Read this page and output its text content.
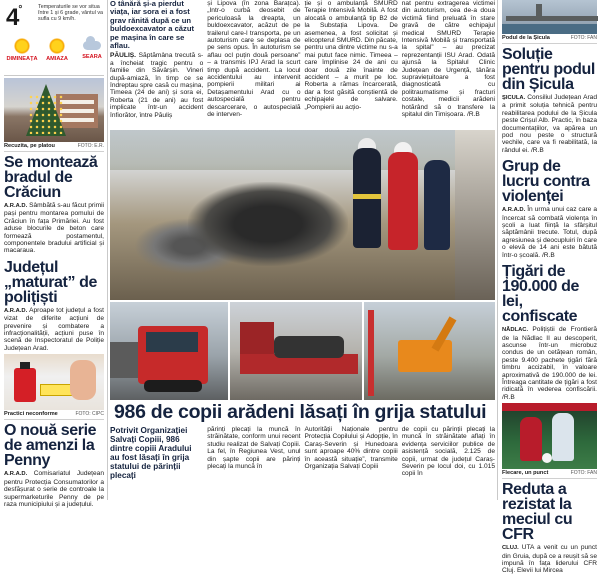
4°	Temperaturile se vor situa între 1 și 6 grade, vântul va sufla cu 9 km/h.
DIMINEAȚA	AMIAZA	SEARA
Recuzita, pe platou	FOTO: E.R.
Se montează bradul de Crăciun
A.R.A.D. Sâmbătă s-au făcut primii pași pentru montarea pomului de Crăciun în fața Primăriei. Au fost aduse blocurile de beton care formează postamentul, componentele bradului artificial și macaraua.
Județul „maturat” de polițiști
A.R.A.D. Aproape tot județul a fost vizat de diferite acțiuni de prevenire și combatere a infracționalității, acțiuni puse în scenă de Inspectoratul de Poliție Județean Arad.
Practici neconforme	FOTO: CIPC
O nouă serie de amenzi la Penny
A.R.A.D. Comisariatul Județean pentru Protecția Consumatorilor a desfășurat o serie de controale la supermarketurile Penny de pe raza municipiului și a județului.
O tânără și-a pierdut viața, iar sora ei a fost grav rănită după ce un buldoexcavator a căzut pe mașina în care se aflau.
PĂULIȘ. Săptămâna trecută s-a încheiat tragic pentru o familie din Săvârșin. Vineri după-amiază, în timp ce se îndreptau spre casă cu mașina, Timeea (24 de ani) și sora ei, Roberta (21 de ani) au fost implicate într-un accident înfiorător, între Păuliș
și Lipova (în zona Barațca). „Intr-o curbă deosebit de periculoasă la dreapta, un buldoexcavator, acăzut de pe trailerul care-l transporta, pe un autoturism care se deplasa de pe sens opus. În autoturism se aflau ocl puțin două persoane” – a transmis IPJ Arad la scurt timp după accident. La locul accidentului au intervenit pompierii militari ai Detașamentului Arad cu o autospecială pentru descarcerare, o autospecială de interven-
ție și o ambulanță SMURD Terapie Intensivă Mobilă. A fost alocată o ambulanță tip B2 de la Substația Lipova. De asemenea, a fost solicitat și elicopterul SMURD. Din păcate, pentru una dintre victime nu s-a mai putut face nimic. Timeea – care împlinise 24 de ani cu doar două zile înainte de accident – a murit pe loc. Roberta a rămas încarcerată, dar a fost găsită conștientă de echipajele de salvare. „Pompierii au acțio-
nat pentru extragerea victimei din autoturism, cea de-a doua victimă fiind preluată în stare gravă de către echipajul medical SMURD Terapie Intensivă Mobilă și transportată la spital” – au precizat reprezentanții ISU Arad. Odată ajunsă la Spitalul Clinic Județean de Urgență, tânăra supraviețuitoare a fost diagnosticată cu politraumatisme și fracturi costale, medicii arădeni hotărând să o transfere la spitalul din Timișoara. /R.B
986 de copii arădeni lăsați în grija statului
Potrivit Organizației Salvați Copiii, 986 dintre copiii Aradului au fost lăsați în grija statului de părinții plecați
părinți plecați la muncă în străinătate, conform unui recent studiu realizat de Salvați Copiii. La fel, în Regiunea Vest, unul din șapte copii are părinți plecați la muncă în
Autorității Naționale pentru Protecția Copilului și Adopție, în Caraș-Severin și Hunedoara sunt aproape 40% dintre copiii în această situație”, transmite Organizația Salvați Copiii
de copii cu părinții plecați la muncă în străinătate aflați în evidența serviciilor publice de asistență socială, 2.125 de copii, urmat de județul Caraș-Severin pe locul doi, cu 1.015 copii în
Podul de la Șicula	FOTO: FAN
Soluție pentru podul din Șicula
ȘICULA. Consiliul Județean Arad a primit soluția tehnică pentru reabilitarea podului de la Șicula peste Crișul Alb. Practic, în baza documentațiilor, va apărea un pod nou peste o structură vechile, care va fi reabilitată, la rândul ei. /R.B
Grup de lucru contra violenței
A.R.A.D. În urma unui caz care a încercat să combată violența în școli a luat ființă la sfârșitul săptămânii trecute. Totul, după agresiunea și deocupluiri în care o elevă de 14 ani este bătută într-o școală. /R.B
Țigări de 190.000 de lei, confiscate
NĂDLAC. Polițiștii de Frontieră de la Nădlac II au descoperit, ascunse într-un microbuz condus de un cetățean român, peste 9.400 pachete țigări fără timbru accizabil, în valoare aproximativă de 190.000 de lei. Întreaga cantitate de țigări a fost ridicată în vederea confiscării. /R.B
Flecare, un punct	FOTO: FAN
Reduta a rezistat la meciul cu CFR
CLUJ. UTA a venit cu un punct din Gruia, după ce a reușit să se impună în fața liderului CFR Cluj. Elevii lui Mircea
